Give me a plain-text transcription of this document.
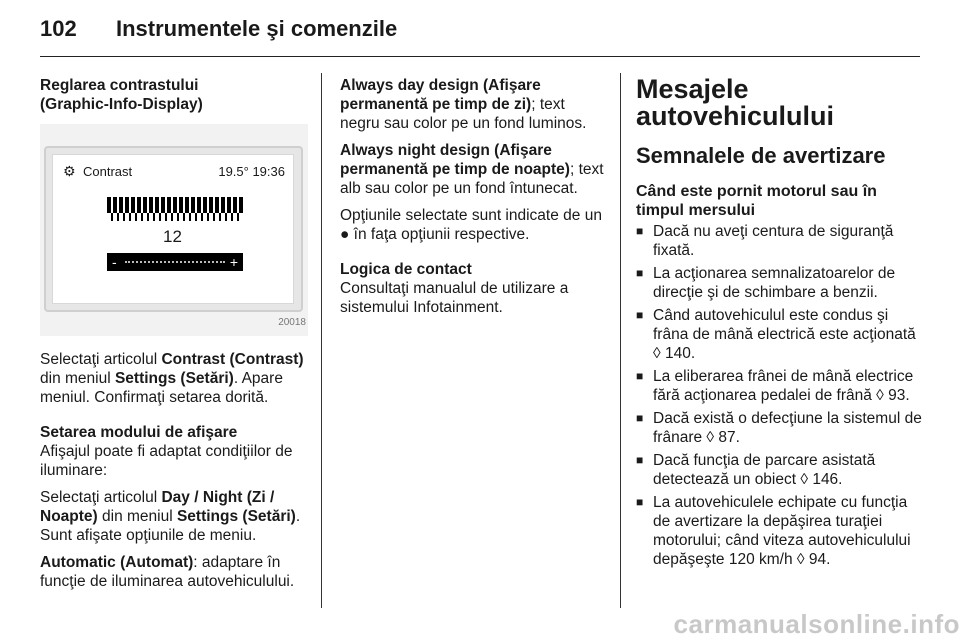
102 Instrumentele şi comenzile
Reglarea contrastului
(Graphic-Info-Display)
⚙ Contrast	19.5° 19:36
12
-	+
20018

Selectaţi articolul Contrast (Contrast) din meniul Settings (Setări). Apare meniul. Confirmaţi setarea dorită.

Setarea modului de afişare

Afişajul poate fi adaptat condiţiilor de iluminare:

Selectaţi articolul Day / Night (Zi / Noapte) din meniul Settings (Setări). Sunt afişate opţiunile de meniu.

Automatic (Automat): adaptare în funcţie de iluminarea autovehiculului.

Always day design (Afişare permanentă pe timp de zi); text negru sau color pe un fond luminos.

Always night design (Afişare permanentă pe timp de noapte); text alb sau color pe un fond întunecat.

Opţiunile selectate sunt indicate de un ● în faţa opţiunii respective.

Logica de contact

Consultaţi manualul de utilizare a sistemului Infotainment.

Mesajele
autovehiculului
Semnalele de avertizare
Când este pornit motorul sau în timpul mersului
■ Dacă nu aveţi centura de siguranţă fixată.
■ La acţionarea semnalizatoarelor de direcţie şi de schimbare a benzii.
■ Când autovehiculul este condus şi frâna de mână electrică este acţionată ◊ 140.
■ La eliberarea frânei de mână electrice fără acţionarea pedalei de frână ◊ 93.
■ Dacă există o defecţiune la sistemul de frânare ◊ 87.
■ Dacă funcţia de parcare asistată detectează un obiect ◊ 146.
■ La autovehiculele echipate cu funcţia de avertizare la depăşirea turaţiei motorului; când viteza autovehiculului depăşeşte 120 km/h ◊ 94.
carmanualsonline.info
